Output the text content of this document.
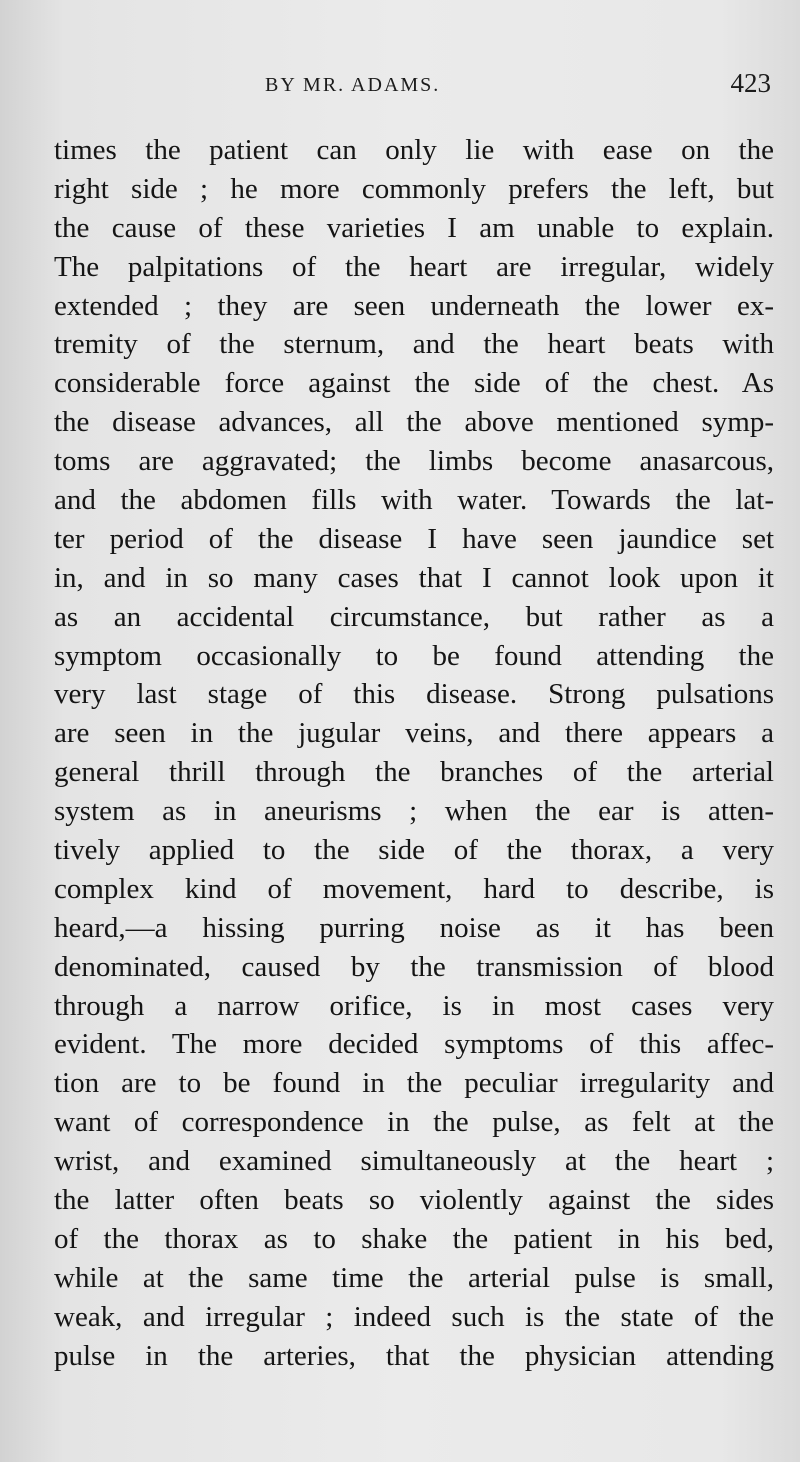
BY MR. ADAMS.	423
times the patient can only lie with ease on the
right side ; he more commonly prefers the left, but
the cause of these varieties I am unable to explain.
The palpitations of the heart are irregular, widely
extended ; they are seen underneath the lower ex-
tremity of the sternum, and the heart beats with
considerable force against the side of the chest. As
the disease advances, all the above mentioned symp-
toms are aggravated; the limbs become anasarcous,
and the abdomen fills with water. Towards the lat-
ter period of the disease I have seen jaundice set
in, and in so many cases that I cannot look upon it
as an accidental circumstance, but rather as a
symptom occasionally to be found attending the
very last stage of this disease. Strong pulsations
are seen in the jugular veins, and there appears a
general thrill through the branches of the arterial
system as in aneurisms ; when the ear is atten-
tively applied to the side of the thorax, a very
complex kind of movement, hard to describe, is
heard,—a hissing purring noise as it has been
denominated, caused by the transmission of blood
through a narrow orifice, is in most cases very
evident. The more decided symptoms of this affec-
tion are to be found in the peculiar irregularity and
want of correspondence in the pulse, as felt at the
wrist, and examined simultaneously at the heart ;
the latter often beats so violently against the sides
of the thorax as to shake the patient in his bed,
while at the same time the arterial pulse is small,
weak, and irregular ; indeed such is the state of the
pulse in the arteries, that the physician attending
